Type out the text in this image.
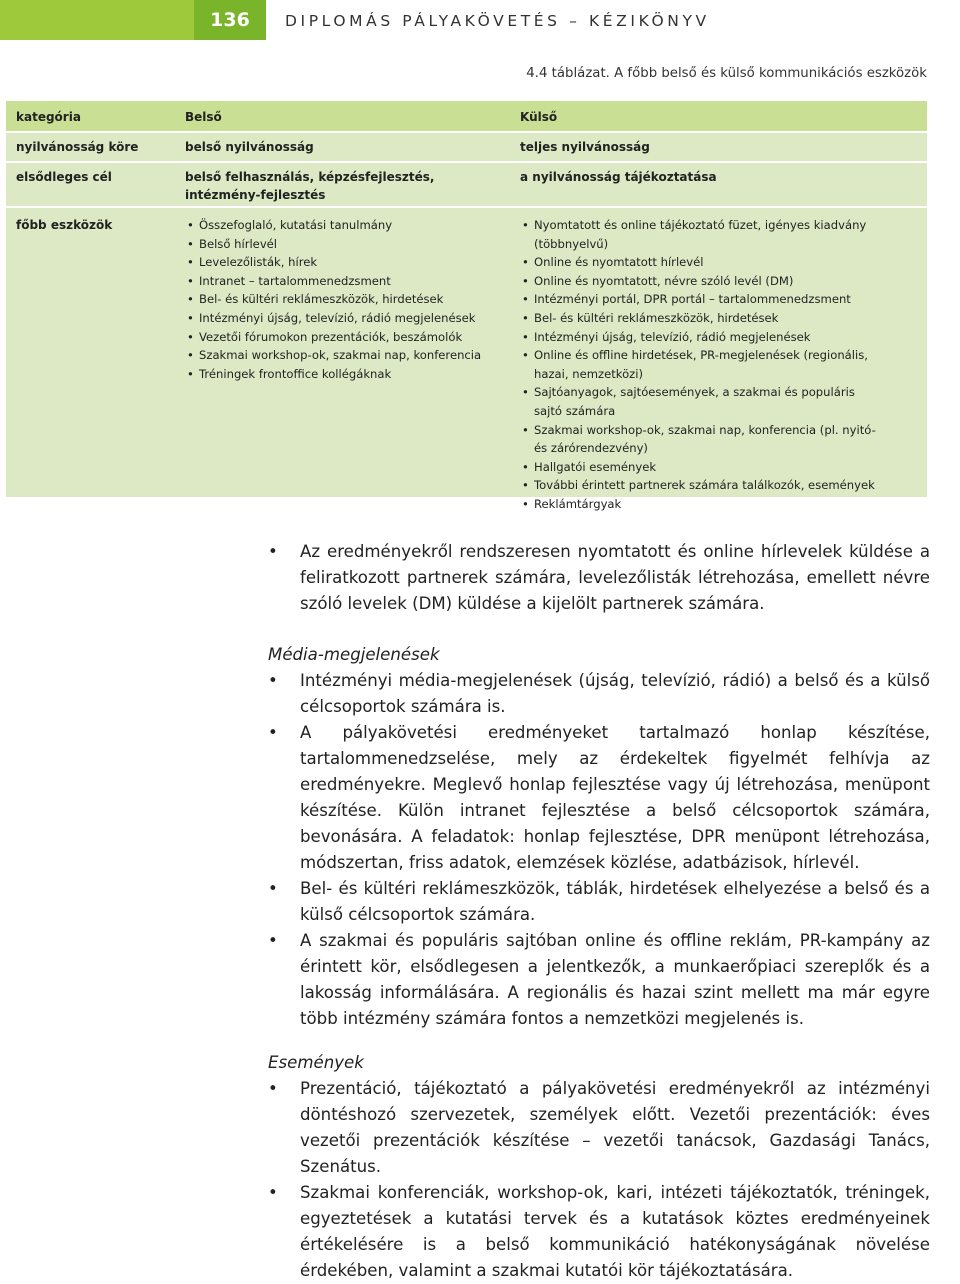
136	DIPLOMÁS PÁLYAKÖVETÉS – KÉZIKÖNYV
4.4 táblázat. A főbb belső és külső kommunikációs eszközök
kategória	Belső	Külső
nyilvánosság köre	belső nyilvánosság	teljes nyilvánosság
elsődleges cél	belső felhasználás, képzésfejlesztés, intézmény-fejlesztés
a nyilvánosság tájékoztatása
főbb eszközök
•	Összefoglaló, kutatási tanulmány
• Belső hírlevél
• Levelezőlisták, hírek
• Intranet – tartalommenedzsment
• Bel- és kültéri reklámeszközök, hirdetések
• Intézményi újság, televízió, rádió megjelenések
• Vezetői fórumokon prezentációk, beszámolók
• Szakmai workshop-ok, szakmai nap, konferencia
• Tréningek frontoffice kollégáknak
• Nyomtatott és online tájékoztató füzet, igényes kiadvány (többnyelvű)
• Online és nyomtatott hírlevél
• Online és nyomtatott, névre szóló levél (DM)
• Intézményi portál, DPR portál – tartalommenedzsment
• Bel- és kültéri reklámeszközök, hirdetések
• Intézményi újság, televízió, rádió megjelenések
• Online és offline hirdetések, PR-megjelenések (regionális, hazai, nemzetközi)
• Sajtóanyagok, sajtóesemények, a szakmai és populáris sajtó számára
• Szakmai workshop-ok, szakmai nap, konferencia (pl. nyitó- és zárórendezvény)
• Hallgatói események
• További érintett partnerek számára találkozók, események
• Reklámtárgyak
• Az eredményekről rendszeresen nyomtatott és online hírlevelek küldése a feliratkozott partnerek számára, levelezőlisták létrehozása, emellett névre szóló levelek (DM) küldése a kijelölt partnerek számára.
Média-megjelenések
• Intézményi média-megjelenések (újság, televízió, rádió) a belső és a külső célcsoportok számára is.
• A pályakövetési eredményeket tartalmazó honlap készítése, tartalommenedzselése, mely az érdekeltek figyelmét felhívja az eredményekre. Meglevő honlap fejlesztése vagy új létrehozása, menüpont készítése. Külön intranet fejlesztése a belső célcsoportok számára, bevonására. A feladatok: honlap fejlesztése, DPR menüpont létrehozása, módszertan, friss adatok, elemzések közlése, adatbázisok, hírlevél.
• Bel- és kültéri reklámeszközök, táblák, hirdetések elhelyezése a belső és a külső célcsoportok számára.
• A szakmai és populáris sajtóban online és offline reklám, PR-kampány az érintett kör, elsődlegesen a jelentkezők, a munkaerőpiaci szereplők és a lakosság informálására. A regionális és hazai szint mellett ma már egyre több intézmény számára fontos a nemzetközi megjelenés is.
Események
• Prezentáció, tájékoztató a pályakövetési eredményekről az intézményi döntéshozó szervezetek, személyek előtt. Vezetői prezentációk: éves vezetői prezentációk készítése – vezetői tanácsok, Gazdasági Tanács, Szenátus.
• Szakmai konferenciák, workshop-ok, kari, intézeti tájékoztatók, tréningek, egyeztetések a kutatási tervek és a kutatások köztes eredményeinek értékelésére is a belső kommunikáció hatékonyságának növelése érdekében, valamint a szakmai kutatói kör tájékoztatására.
